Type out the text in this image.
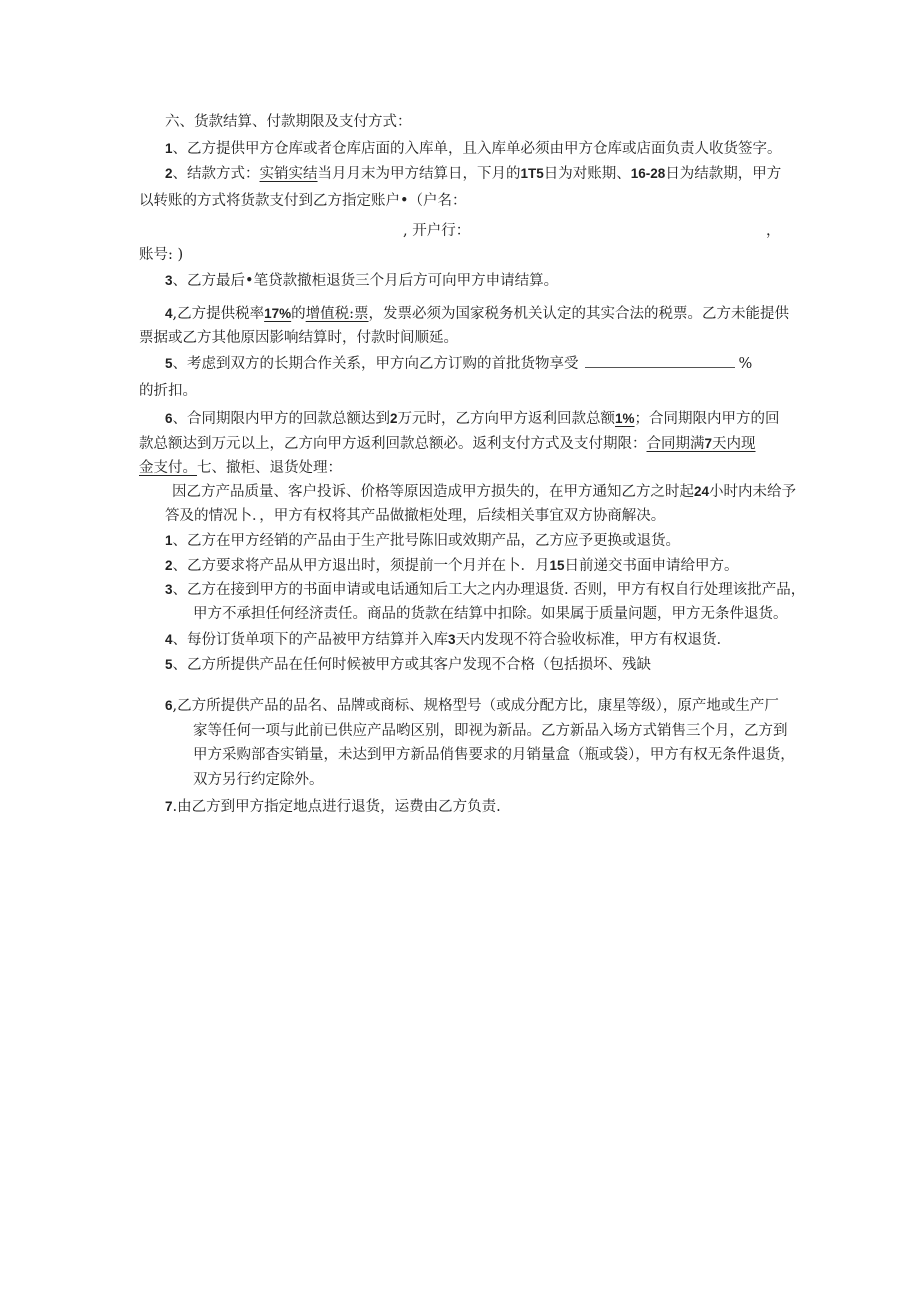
六、货款结算、付款期限及支付方式：
1、乙方提供甲方仓库或者仓库店面的入库单，且入库单必须由甲方仓库或店面负责人收货签字。
2、结款方式：实销实结当月月末为甲方结算日，下月的1T5日为对账期、16-28日为结款期，甲方
以转账的方式将货款支付到乙方指定账户•（户名：
, 开户行：	，
账号: )
3、乙方最后•笔贷款撤柜退货三个月后方可向甲方申请结算。
4,乙方提供税率17%的增值税:票，发票必须为国家税务机关认定的其实合法的税票。乙方未能提供
票据或乙方其他原因影响结算时，付款时间顺延。
5、考虑到双方的长期合作关系，甲方向乙方订购的首批货物享受	%
的折扣。
6、合同期限内甲方的回款总额达到2万元时，乙方向甲方返利回款总额1%；合同期限内甲方的回
款总额达到万元以上，乙方向甲方返利回款总额必。返利支付方式及支付期限：合同期满7天内现
金支付。七、撤柜、退货处理：
因乙方产品质量、客户投诉、价格等原因造成甲方损失的，在甲方通知乙方之时起24小时内未给予
答及的情况卜．，甲方有权将其产品做撤柜处理，后续相关事宜双方协商解决。
1、乙方在甲方经销的产品由于生产批号陈旧或效期产品，乙方应予更换或退货。
2、乙方要求将产品从甲方退出时，须提前一个月并在卜．月15日前递交书面申请给甲方。
3、乙方在接到甲方的书面申请或电话通知后工大之内办理退货. 否则，甲方有权自行处理该批产品，
甲方不承担任何经济责任。商品的货款在结算中扣除。如果属于质量问题，甲方无条件退货。
4、每份订货单项下的产品被甲方结算并入库3天内发现不符合验收标准，甲方有权退货.
5、乙方所提供产品在任何时候被甲方或其客户发现不合格（包括损坏、残缺
6,乙方所提供产品的品名、品牌或商标、规格型号（或成分配方比，康星等级），原产地或生产厂
家等任何一项与此前已供应产品哟区别，即视为新品。乙方新品入场方式销售三个月，乙方到
甲方采购部杳实销量，未达到甲方新品俏售要求的月销量盒（瓶或袋），甲方有权无条件退货，
双方另行约定除外。
7.由乙方到甲方指定地点进行退货，运费由乙方负责.
